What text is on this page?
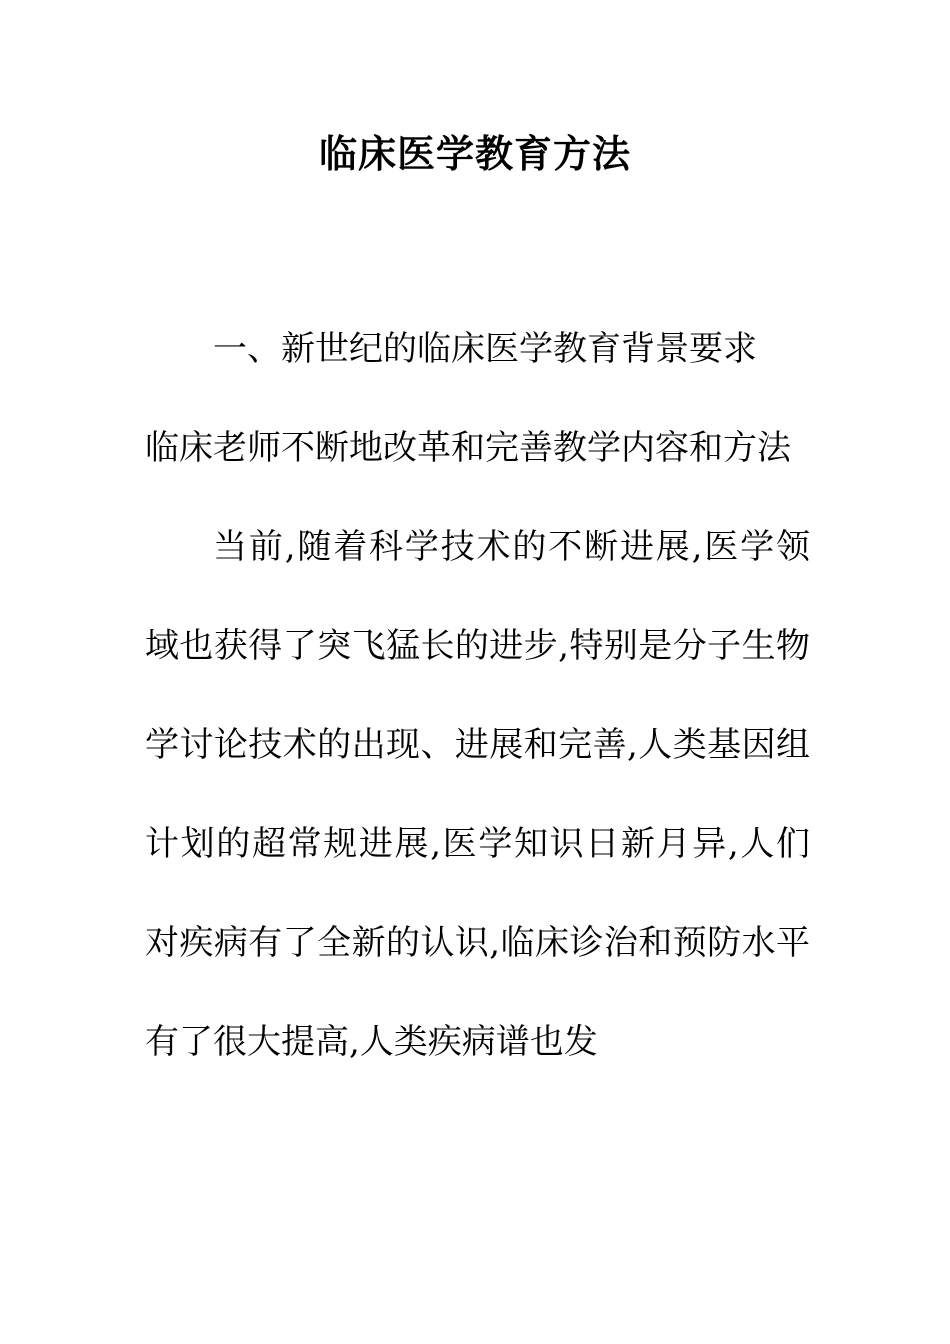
临床医学教育方法

一、新世纪的临床医学教育背景要求

临床老师不断地改革和完善教学内容和方法

当前,随着科学技术的不断进展,医学领域也获得了突飞猛长的进步,特别是分子生物学讨论技术的出现、进展和完善,人类基因组计划的超常规进展,医学知识日新月异,人们对疾病有了全新的认识,临床诊治和预防水平有了很大提高,人类疾病谱也发
